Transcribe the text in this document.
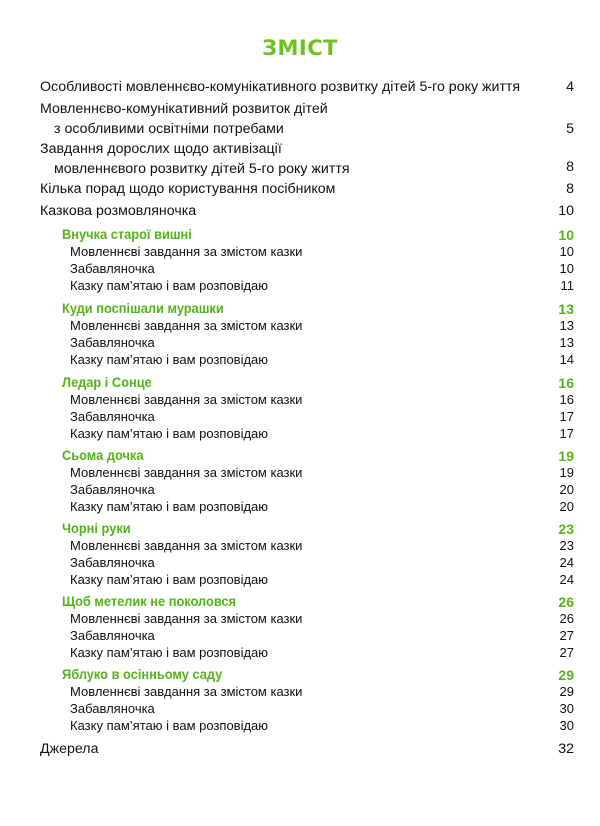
ЗМІСТ
Особливості мовленнєво-комунікативного розвитку дітей 5-го року життя	4
Мовленнєво-комунікативний розвиток дітей
з особливими освітніми потребами	5
Завдання дорослих щодо активізації
мовленнєвого розвитку дітей 5-го року життя	8
Кілька порад щодо користування посібником	8
Казкова розмовляночка	10
Внучка старої вишні	10
Мовленнєві завдання за змістом казки	10
Забавляночка	10
Казку пам’ятаю і вам розповідаю	11
Куди поспішали мурашки	13
Мовленнєві завдання за змістом казки	13
Забавляночка	13
Казку пам’ятаю і вам розповідаю	14
Ледар і Сонце	16
Мовленнєві завдання за змістом казки	16
Забавляночка	17
Казку пам’ятаю і вам розповідаю	17
Сьома дочка	19
Мовленнєві завдання за змістом казки	19
Забавляночка	20
Казку пам’ятаю і вам розповідаю	20
Чорні руки	23
Мовленнєві завдання за змістом казки	23
Забавляночка	24
Казку пам’ятаю і вам розповідаю	24
Щоб метелик не поколовся	26
Мовленнєві завдання за змістом казки	26
Забавляночка	27
Казку пам’ятаю і вам розповідаю	27
Яблуко в осінньому саду	29
Мовленнєві завдання за змістом казки	29
Забавляночка	30
Казку пам’ятаю і вам розповідаю	30
Джерела	32
